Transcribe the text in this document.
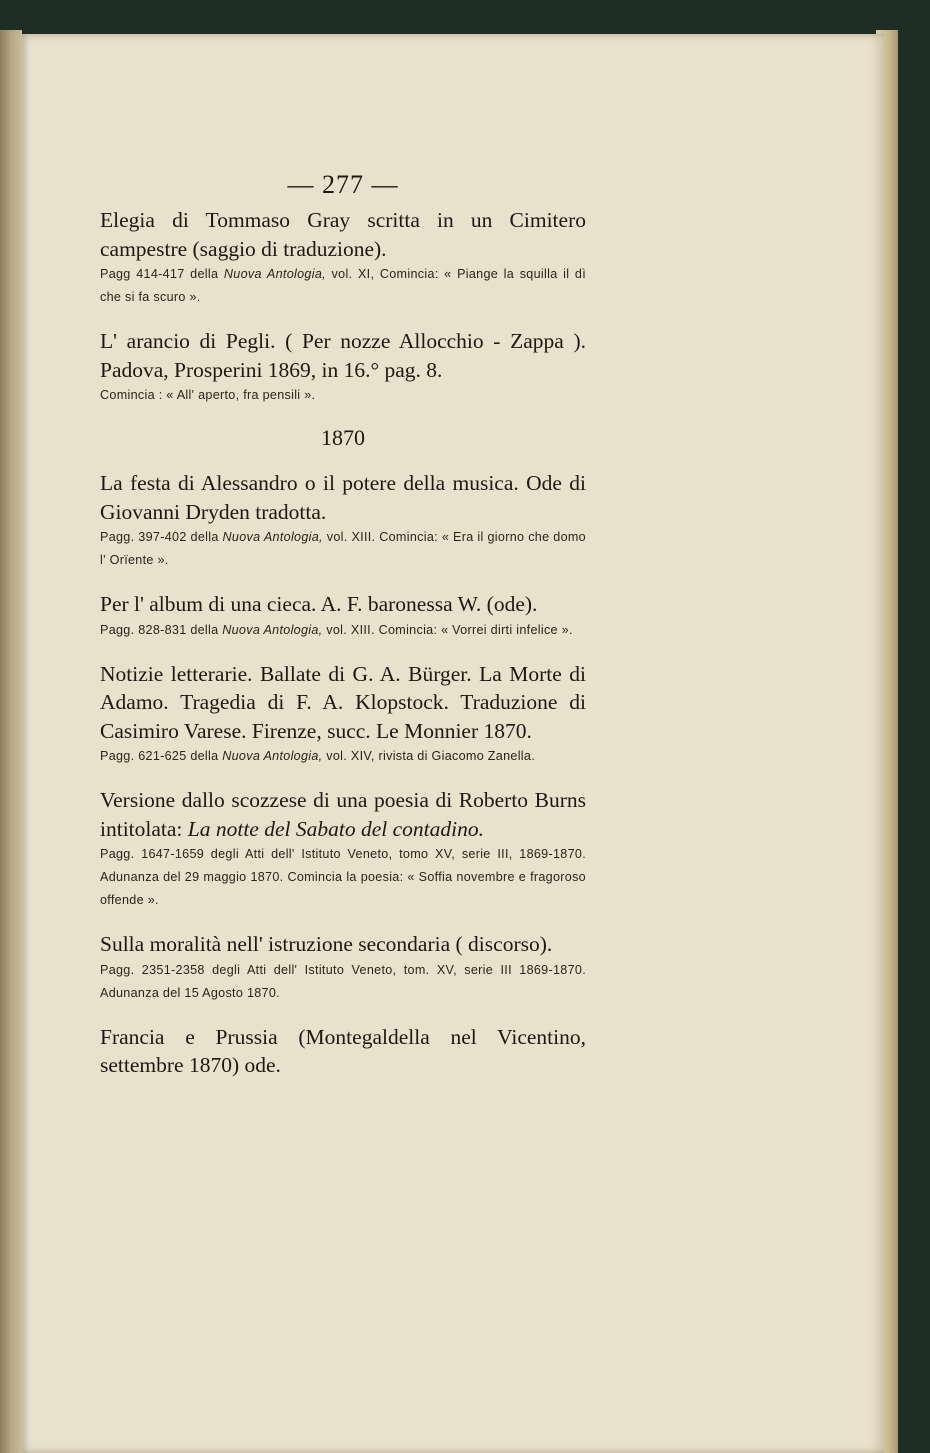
— 277 —

Elegia di Tommaso Gray scritta in un Cimitero campestre (saggio di traduzione).

Pagg 414-417 della Nuova Antologia, vol. XI, Comincia: « Piange la squilla il dì che si fa scuro ».

L' arancio di Pegli. ( Per nozze Allocchio - Zappa ). Padova, Prosperini 1869, in 16.° pag. 8.

Comincia : « All' aperto, fra pensili ».

1870

La festa di Alessandro o il potere della musica. Ode di Giovanni Dryden tradotta.

Pagg. 397-402 della Nuova Antologia, vol. XIII. Comincia: « Era il giorno che domo l' Orïente ».

Per l' album di una cieca. A. F. baronessa W. (ode).

Pagg. 828-831 della Nuova Antologia, vol. XIII. Comincia: « Vorrei dirti infelice ».

Notizie letterarie. Ballate di G. A. Bürger. La Morte di Adamo. Tragedia di F. A. Klopstock. Traduzione di Casimiro Varese. Firenze, succ. Le Monnier 1870.

Pagg. 621-625 della Nuova Antologia, vol. XIV, rivista di Giacomo Zanella.

Versione dallo scozzese di una poesia di Roberto Burns intitolata: La notte del Sabato del contadino.

Pagg. 1647-1659 degli Atti dell' Istituto Veneto, tomo XV, serie III, 1869-1870. Adunanza del 29 maggio 1870. Comincia la poesia: « Soffia novembre e fragoroso offende ».

Sulla moralità nell' istruzione secondaria ( discorso).

Pagg. 2351-2358 degli Atti dell' Istituto Veneto, tom. XV, serie III 1869-1870. Adunanza del 15 Agosto 1870.

Francia e Prussia (Montegaldella nel Vicentino, settembre 1870) ode.
